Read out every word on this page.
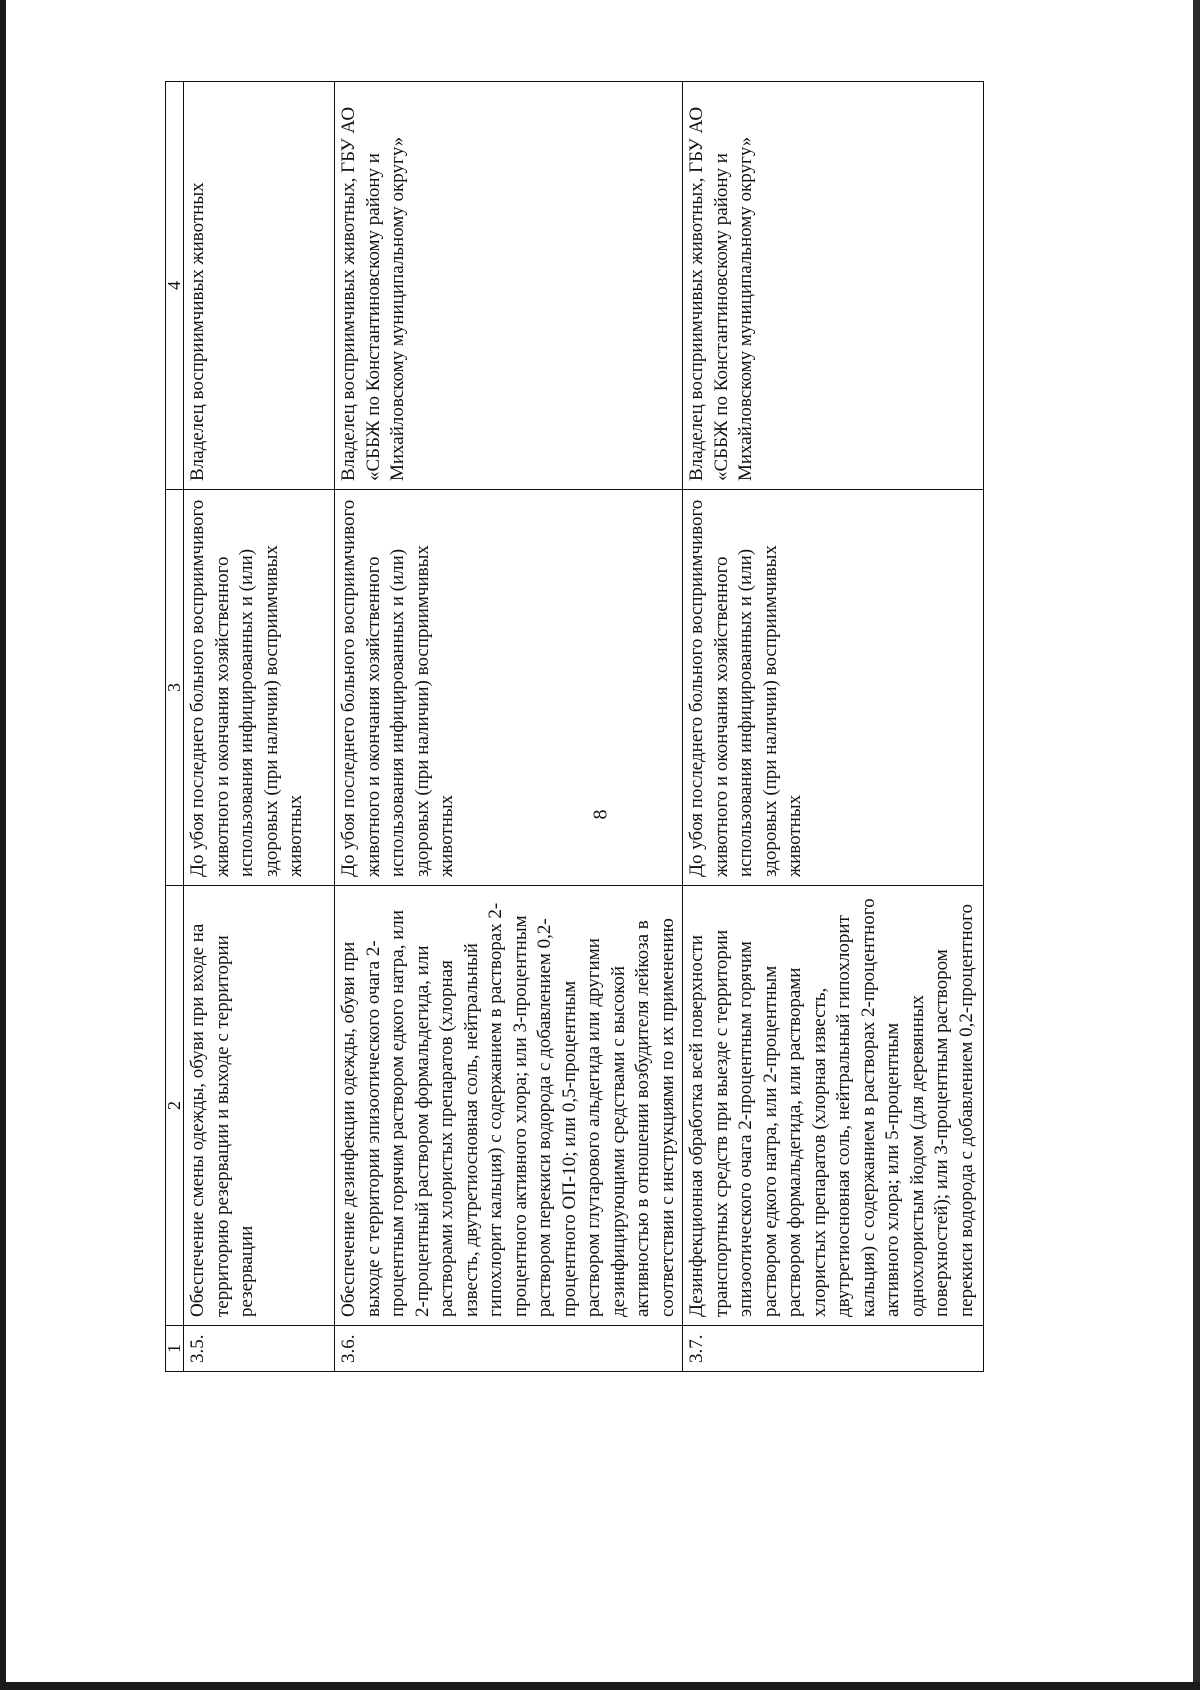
8
1	2	3	4
3.5.	Обеспечение смены одежды, обуви при входе на территорию резервации и выходе с территории резервации	До убоя последнего больного восприимчивого животного и окончания хозяйственного использования инфицированных и (или) здоровых (при наличии) восприимчивых животных	Владелец восприимчивых животных
3.6.	Обеспечение дезинфекции одежды, обуви при выходе с территории эпизоотического очага 2-процентным горячим раствором едкого натра, или 2-процентный раствором формальдегида, или растворами хлористых препаратов (хлорная известь, двутретиосновная соль, нейтральный гипохлорит кальция) с содержанием в растворах 2-процентного активного хлора; или 3-процентным раствором перекиси водорода с добавлением 0,2-процентного ОП-10; или 0,5-процентным раствором глутарового альдегида или другими дезинфицирующими средствами с высокой активностью в отношении возбудителя лейкоза в соответствии с инструкциями по их применению	До убоя последнего больного восприимчивого животного и окончания хозяйственного использования инфицированных и (или) здоровых (при наличии) восприимчивых животных	Владелец восприимчивых животных, ГБУ АО «СББЖ по Константиновскому району и Михайловскому муниципальному округу»
3.7.	Дезинфекционная обработка всей поверхности транспортных средств при выезде с территории эпизоотического очага 2-процентным горячим раствором едкого натра, или 2-процентным раствором формальдегида, или растворами хлористых препаратов (хлорная известь, двутретиосновная соль, нейтральный гипохлорит кальция) с содержанием в растворах 2-процентного активного хлора; или 5-процентным однохлористым йодом (для деревянных поверхностей); или 3-процентным раствором перекиси водорода с добавлением 0,2-процентного	До убоя последнего больного восприимчивого животного и окончания хозяйственного использования инфицированных и (или) здоровых (при наличии) восприимчивых животных	Владелец восприимчивых животных, ГБУ АО «СББЖ по Константиновскому району и Михайловскому муниципальному округу»
